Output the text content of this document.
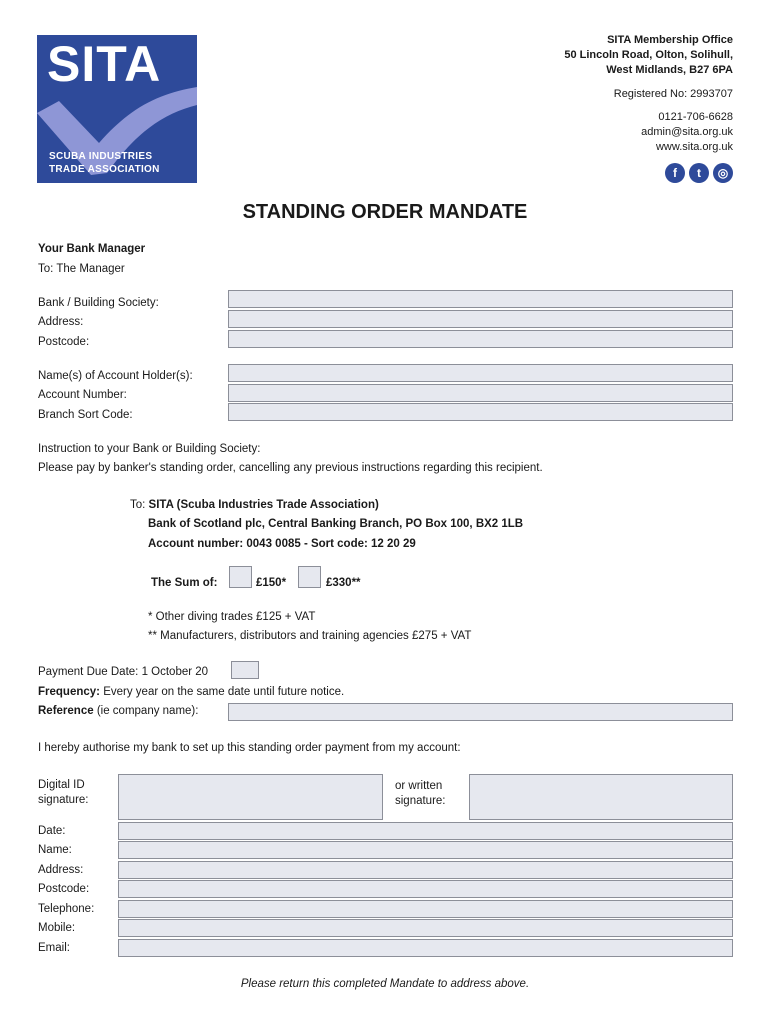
SITA
SCUBA INDUSTRIES
TRADE ASSOCIATION
SITA Membership Office
50 Lincoln Road, Olton, Solihull,
West Midlands, B27 6PA
Registered No: 2993707
0121-706-6628
admin@sita.org.uk
www.sita.org.uk
f	t	◎
STANDING ORDER MANDATE
Your Bank Manager
To: The Manager
Bank / Building Society:
Address:
Postcode:
Name(s) of Account Holder(s):
Account Number:
Branch Sort Code:
Instruction to your Bank or Building Society:
Please pay by banker's standing order, cancelling any previous instructions regarding this recipient.
To: SITA (Scuba Industries Trade Association)
Bank of Scotland plc, Central Banking Branch, PO Box 100, BX2 1LB
Account number: 0043 0085 - Sort code: 12 20 29
The Sum of:	£150*	£330**
* Other diving trades £125 + VAT
** Manufacturers, distributors and training agencies £275 + VAT
Payment Due Date: 1 October 20
Frequency: Every year on the same date until future notice.
Reference (ie company name):
I hereby authorise my bank to set up this standing order payment from my account:
Digital ID
signature:
or written
signature:
Date:
Name:
Address:
Postcode:
Telephone:
Mobile:
Email:
Please return this completed Mandate to address above.
